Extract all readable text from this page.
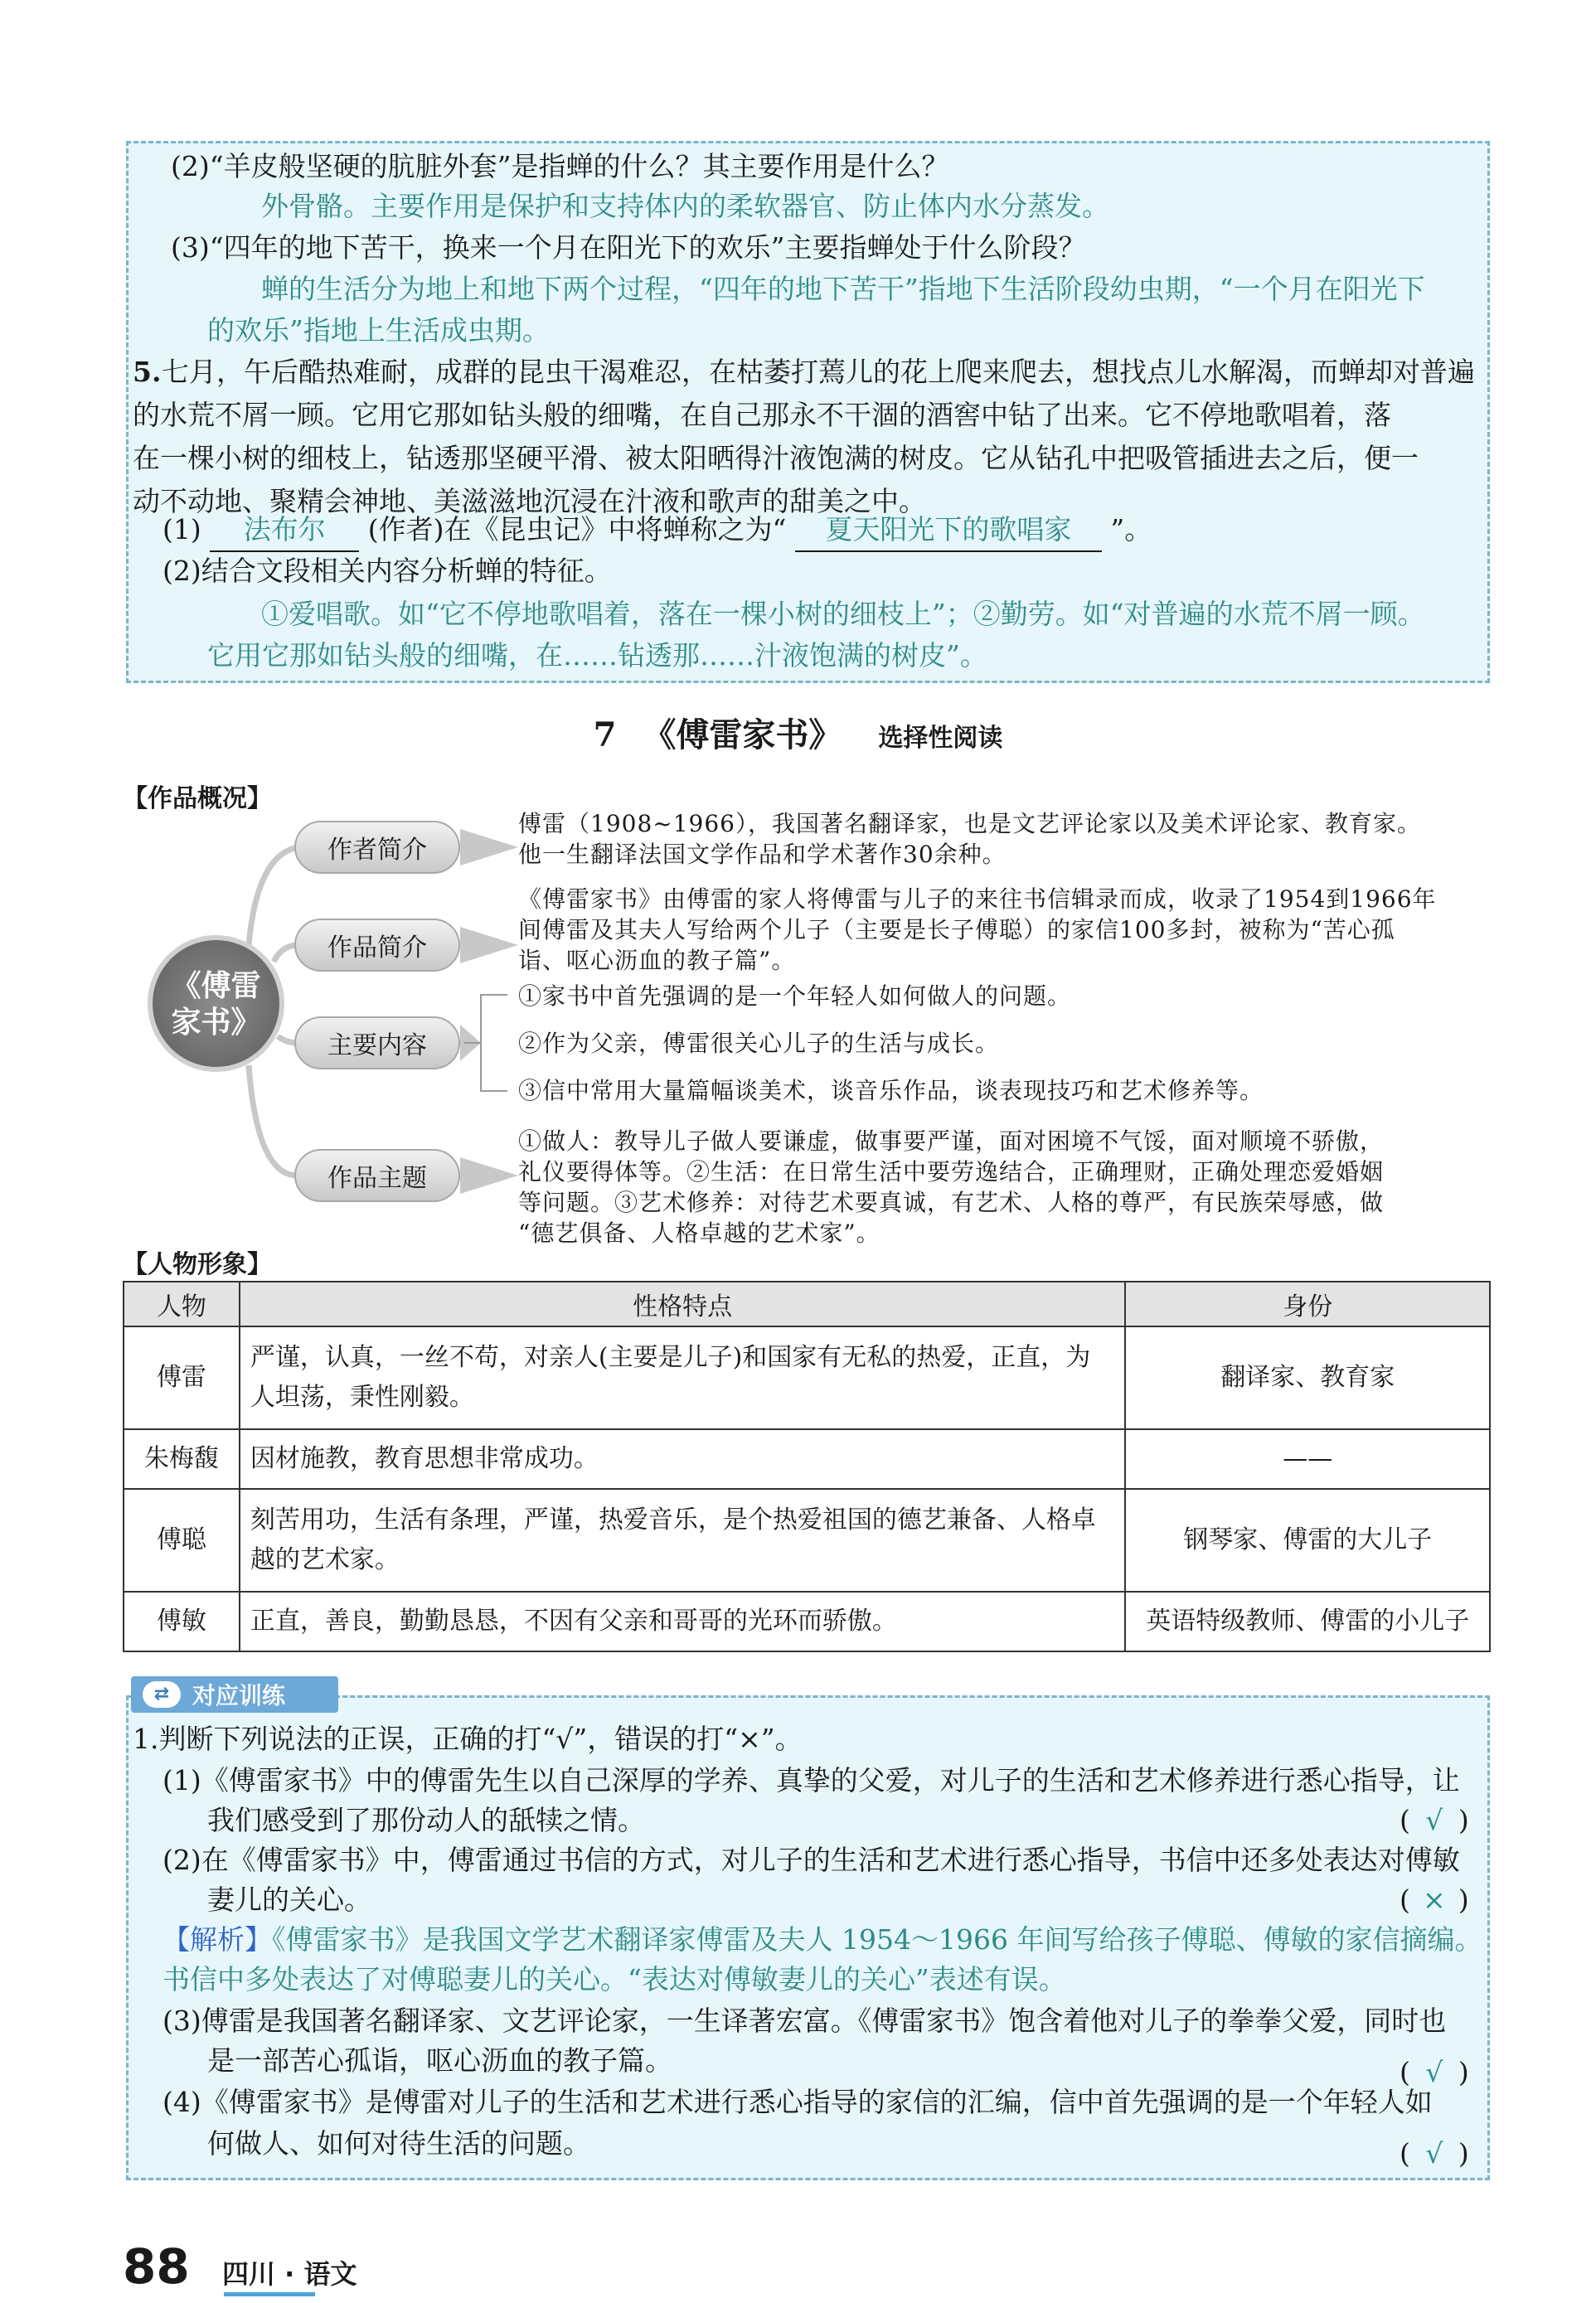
(2)“羊皮般坚硬的肮脏外套”是指蝉的什么？其主要作用是什么？
外骨骼。主要作用是保护和支持体内的柔软器官、防止体内水分蒸发。
(3)“四年的地下苦干，换来一个月在阳光下的欢乐”主要指蝉处于什么阶段？
蝉的生活分为地上和地下两个过程，“四年的地下苦干”指地下生活阶段幼虫期，“一个月在阳光下
的欢乐”指地上生活成虫期。
5. 七月，午后酷热难耐，成群的昆虫干渴难忍，在枯萎打蔫儿的花上爬来爬去，想找点儿水解渴，而蝉却对普遍
的水荒不屑一顾。它用它那如钻头般的细嘴，在自己那永不干涸的酒窖中钻了出来。它不停地歌唱着，落
在一棵小树的细枝上，钻透那坚硬平滑、被太阳晒得汁液饱满的树皮。它从钻孔中把吸管插进去之后，便一
动不动地、聚精会神地、美滋滋地沉浸在汁液和歌声的甜美之中。
(1) 法布尔 (作者)在《昆虫记》中将蝉称之为“ 夏天阳光下的歌唱家 ”。
(2)结合文段相关内容分析蝉的特征。
①爱唱歌。如“它不停地歌唱着，落在一棵小树的细枝上”；②勤劳。如“对普遍的水荒不屑一顾。
它用它那如钻头般的细嘴，在……钻透那……汁液饱满的树皮”。
7 《傅雷家书》 选择性阅读
【作品概况】
《傅雷
家书》
作者简介
作品简介
主要内容
作品主题
傅雷（1908~1966），我国著名翻译家，也是文艺评论家以及美术评论家、教育家。
他一生翻译法国文学作品和学术著作30余种。
《傅雷家书》由傅雷的家人将傅雷与儿子的来往书信辑录而成，收录了1954到1966年
间傅雷及其夫人写给两个儿子（主要是长子傅聪）的家信100多封，被称为“苦心孤
诣、呕心沥血的教子篇”。
①家书中首先强调的是一个年轻人如何做人的问题。
②作为父亲，傅雷很关心儿子的生活与成长。
③信中常用大量篇幅谈美术，谈音乐作品，谈表现技巧和艺术修养等。
①做人：教导儿子做人要谦虚，做事要严谨，面对困境不气馁，面对顺境不骄傲，
礼仪要得体等。②生活：在日常生活中要劳逸结合，正确理财，正确处理恋爱婚姻
等问题。③艺术修养：对待艺术要真诚，有艺术、人格的尊严，有民族荣辱感，做
“德艺俱备、人格卓越的艺术家”。
【人物形象】
人物	性格特点	身份
傅雷	严谨，认真，一丝不苟，对亲人(主要是儿子)和国家有无私的热爱，正直，为人坦荡，秉性刚毅。	翻译家、教育家
朱梅馥	因材施教，教育思想非常成功。	——
傅聪	刻苦用功，生活有条理，严谨，热爱音乐，是个热爱祖国的德艺兼备、人格卓越的艺术家。	钢琴家、傅雷的大儿子
傅敏	正直，善良，勤勤恳恳，不因有父亲和哥哥的光环而骄傲。	英语特级教师、傅雷的小儿子
⇄ 对应训练
1.判断下列说法的正误，正确的打“√”，错误的打“×”。
(1)《傅雷家书》中的傅雷先生以自己深厚的学养、真挚的父爱，对儿子的生活和艺术修养进行悉心指导，让
我们感受到了那份动人的舐犊之情。	( √ )
(2)在《傅雷家书》中，傅雷通过书信的方式，对儿子的生活和艺术进行悉心指导，书信中还多处表达对傅敏
妻儿的关心。	( × )
【解析】《傅雷家书》是我国文学艺术翻译家傅雷及夫人 1954～1966 年间写给孩子傅聪、傅敏的家信摘编。
书信中多处表达了对傅聪妻儿的关心。“表达对傅敏妻儿的关心”表述有误。
(3)傅雷是我国著名翻译家、文艺评论家，一生译著宏富。《傅雷家书》饱含着他对儿子的拳拳父爱，同时也
是一部苦心孤诣，呕心沥血的教子篇。	( √ )
(4)《傅雷家书》是傅雷对儿子的生活和艺术进行悉心指导的家信的汇编，信中首先强调的是一个年轻人如
何做人、如何对待生活的问题。	( √ )
88 四川 · 语文
